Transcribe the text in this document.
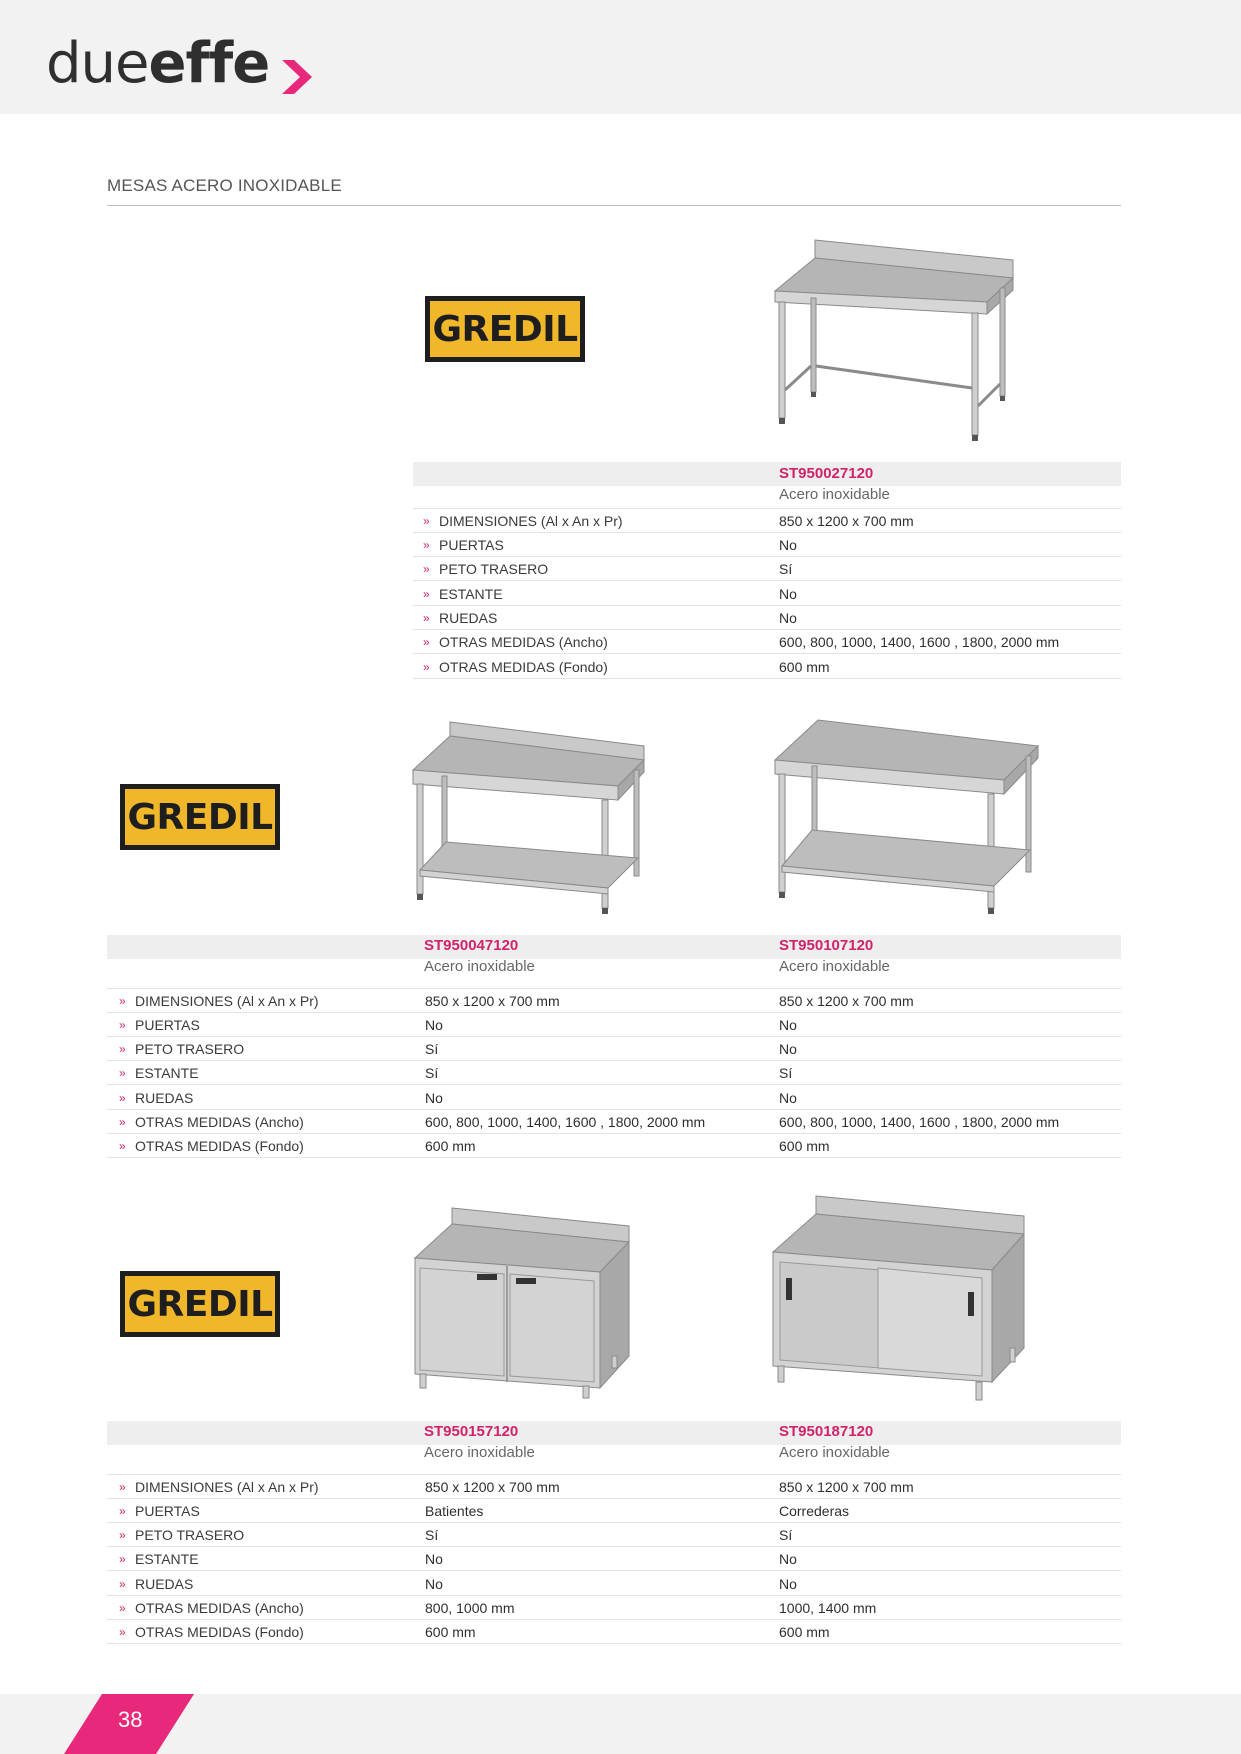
dueeffe
MESAS ACERO INOXIDABLE
GREDIL
ST950027120
Acero inoxidable
» DIMENSIONES (Al x An x Pr)	850 x 1200 x 700 mm
» PUERTAS	No
» PETO TRASERO	Sí
» ESTANTE	No
» RUEDAS	No
» OTRAS MEDIDAS (Ancho)	600, 800, 1000, 1400, 1600 , 1800, 2000 mm
» OTRAS MEDIDAS (Fondo)	600 mm
GREDIL
ST950047120
Acero inoxidable
ST950107120
Acero inoxidable
» DIMENSIONES (Al x An x Pr)	850 x 1200 x 700 mm	850 x 1200 x 700 mm
» PUERTAS	No	No
» PETO TRASERO	Sí	No
» ESTANTE	Sí	Sí
» RUEDAS	No	No
» OTRAS MEDIDAS (Ancho)	600, 800, 1000, 1400, 1600 , 1800, 2000 mm	600, 800, 1000, 1400, 1600 , 1800, 2000 mm
» OTRAS MEDIDAS (Fondo)	600 mm	600 mm
GREDIL
ST950157120
Acero inoxidable
ST950187120
Acero inoxidable
» DIMENSIONES (Al x An x Pr)	850 x 1200 x 700 mm	850 x 1200 x 700 mm
» PUERTAS	Batientes	Correderas
» PETO TRASERO	Sí	Sí
» ESTANTE	No	No
» RUEDAS	No	No
» OTRAS MEDIDAS (Ancho)	800, 1000 mm	1000, 1400 mm
» OTRAS MEDIDAS (Fondo)	600 mm	600 mm
38
